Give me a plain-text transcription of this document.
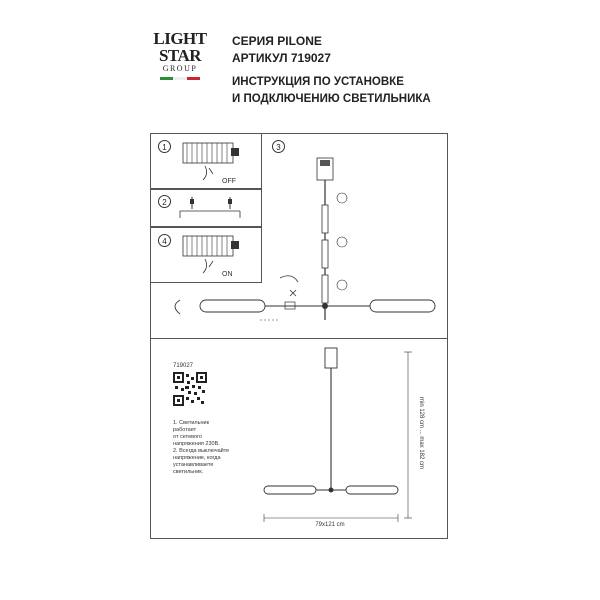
LIGHT
STAR
GROUP
СЕРИЯ PILONE
АРТИКУЛ 719027
ИНСТРУКЦИЯ ПО УСТАНОВКЕ
И ПОДКЛЮЧЕНИЮ СВЕТИЛЬНИКА
1
OFF
2
4
ON
3
719027
1. Светильник
работает
от сетевого
напряжения 230В.
2. Всегда выключайте
напряжение, когда
устанавливаете
светильник.
min 128 cm ... max 182 cm
79x121 cm
